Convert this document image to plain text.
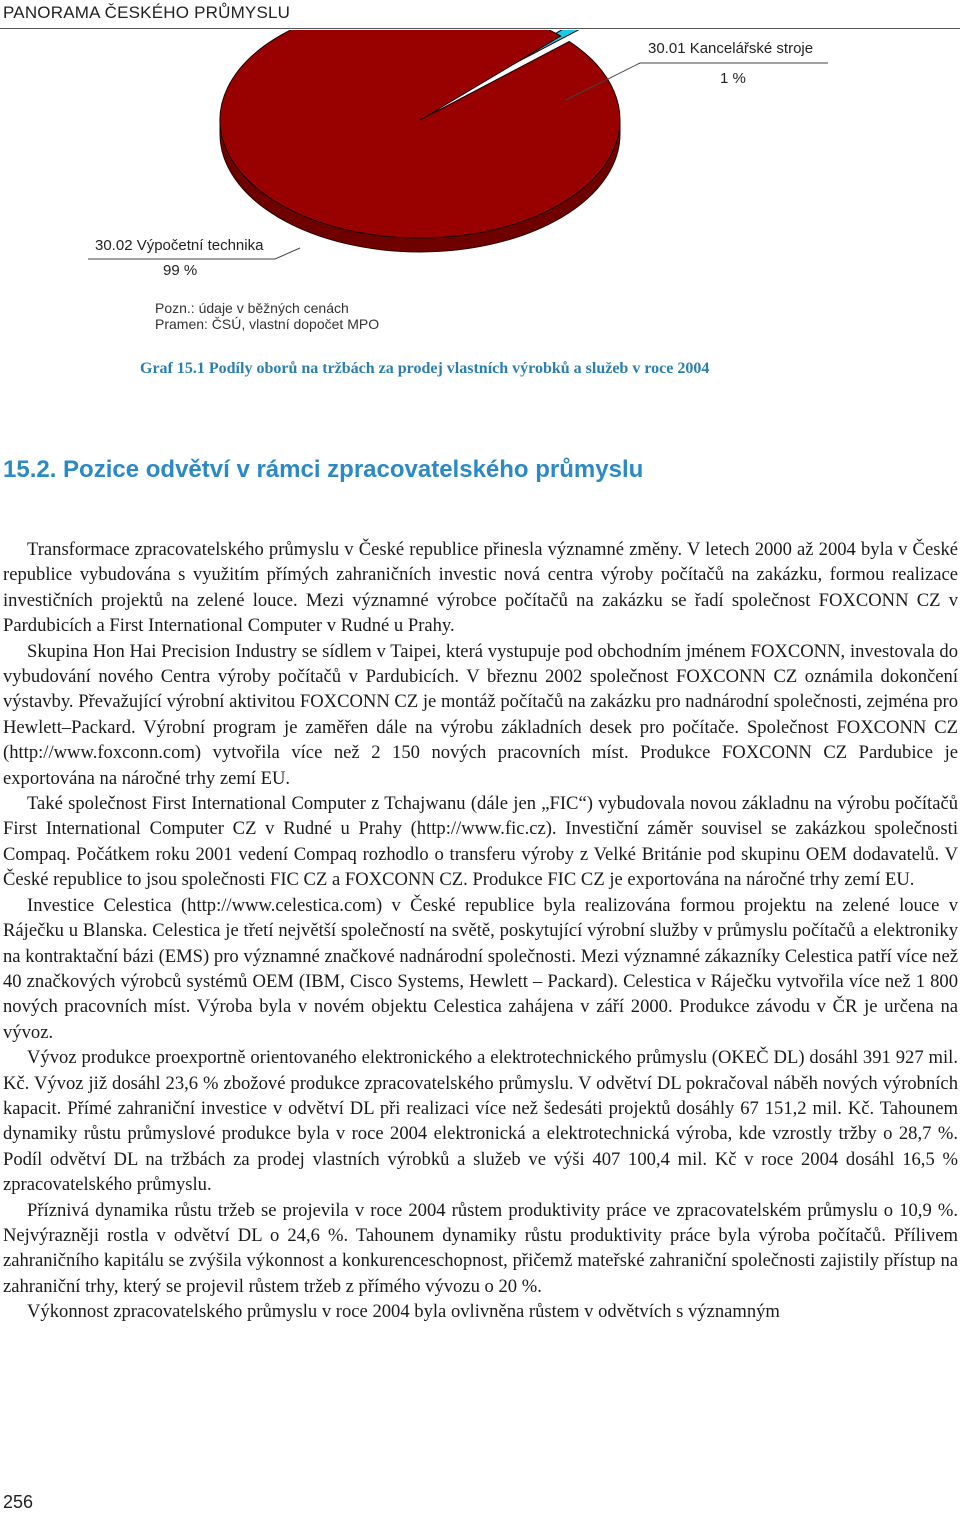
PANORAMA ČESKÉHO PRŮMYSLU
30.01 Kancelářské stroje
1 %
30.02 Výpočetní technika
99 %
Pozn.: údaje v běžných cenách
Pramen: ČSÚ, vlastní dopočet MPO
Graf 15.1 Podíly oborů na tržbách za prodej vlastních výrobků a služeb v roce 2004
15.2. Pozice odvětví v rámci zpracovatelského průmyslu

Transformace zpracovatelského průmyslu v České republice přinesla významné změny. V letech 2000 až 2004 byla v České republice vybudována s využitím přímých zahraničních investic nová centra výroby počítačů na zakázku, formou realizace investičních projektů na zelené louce. Mezi významné výrobce počítačů na zakázku se řadí společnost FOXCONN CZ v Pardubicích a First International Computer v Rudné u Prahy.

Skupina Hon Hai Precision Industry se sídlem v Taipei, která vystupuje pod obchodním jménem FOXCONN, investovala do vybudování nového Centra výroby počítačů v Pardubicích. V březnu 2002 společnost FOXCONN CZ oznámila dokončení výstavby. Převažující výrobní aktivitou FOXCONN CZ je montáž počítačů na zakázku pro nadnárodní společnosti, zejména pro Hewlett–Packard. Výrobní program je zaměřen dále na výrobu základních desek pro počítače. Společnost FOXCONN CZ (http://www.foxconn.com) vytvořila více než 2 150 nových pracovních míst. Produkce FOXCONN CZ Pardubice je exportována na náročné trhy zemí EU.

Také společnost First International Computer z Tchajwanu (dále jen „FIC“) vybudovala novou základnu na výrobu počítačů First International Computer CZ v Rudné u Prahy (http://www.fic.cz). Investiční záměr souvisel se zakázkou společnosti Compaq. Počátkem roku 2001 vedení Compaq rozhodlo o transferu výroby z Velké Británie pod skupinu OEM dodavatelů. V České republice to jsou společnosti FIC CZ a FOXCONN CZ. Produkce FIC CZ je exportována na náročné trhy zemí EU.

Investice Celestica (http://www.celestica.com) v České republice byla realizována formou projektu na zelené louce v Ráječku u Blanska. Celestica je třetí největší společností na světě, poskytující výrobní služby v průmyslu počítačů a elektroniky na kontraktační bázi (EMS) pro významné značkové nadnárodní společnosti. Mezi významné zákazníky Celestica patří více než 40 značkových výrobců systémů OEM (IBM, Cisco Systems, Hewlett – Packard). Celestica v Ráječku vytvořila více než 1 800 nových pracovních míst. Výroba byla v novém objektu Celestica zahájena v září 2000. Produkce závodu v ČR je určena na vývoz.

Vývoz produkce proexportně orientovaného elektronického a elektrotechnického průmyslu (OKEČ DL) dosáhl 391 927 mil. Kč. Vývoz již dosáhl 23,6 % zbožové produkce zpracovatelského průmyslu. V odvětví DL pokračoval náběh nových výrobních kapacit. Přímé zahraniční investice v odvětví DL při realizaci více než šedesáti projektů dosáhly 67 151,2 mil. Kč. Tahounem dynamiky růstu průmyslové produkce byla v roce 2004 elektronická a elektrotechnická výroba, kde vzrostly tržby o 28,7 %. Podíl odvětví DL na tržbách za prodej vlastních výrobků a služeb ve výši 407 100,4 mil. Kč v roce 2004 dosáhl 16,5 % zpracovatelského průmyslu.

Příznivá dynamika růstu tržeb se projevila v roce 2004 růstem produktivity práce ve zpracovatelském průmyslu o 10,9 %. Nejvýrazněji rostla v odvětví DL o 24,6 %. Tahounem dynamiky růstu produktivity práce byla výroba počítačů. Přílivem zahraničního kapitálu se zvýšila výkonnost a konkurenceschopnost, přičemž mateřské zahraniční společnosti zajistily přístup na zahraniční trhy, který se projevil růstem tržeb z přímého vývozu o 20 %.

Výkonnost zpracovatelského průmyslu v roce 2004 byla ovlivněna růstem v odvětvích s významným

256
